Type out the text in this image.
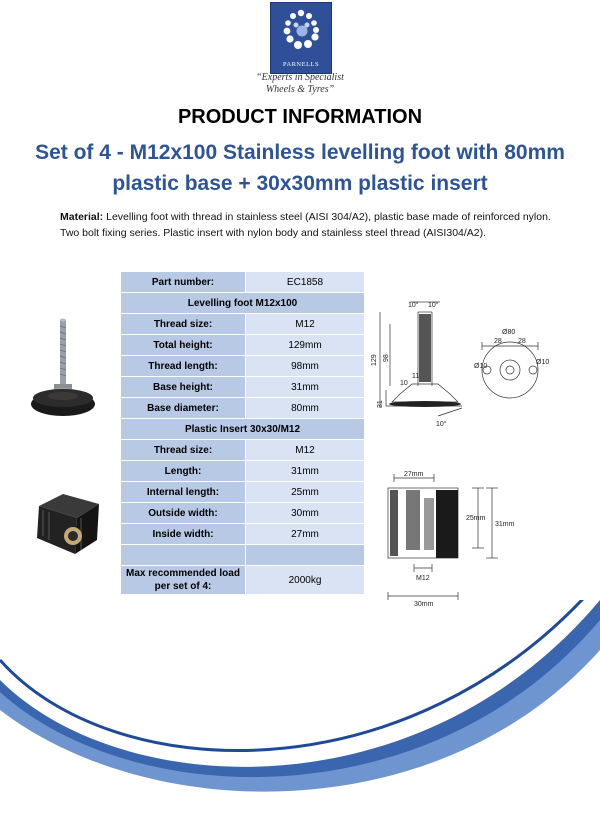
PARNELLS
“Experts in Specialist
Wheels & Tyres”
PRODUCT INFORMATION
Set of 4 - M12x100 Stainless levelling foot with 80mm plastic base + 30x30mm plastic insert
Material: Levelling foot with thread in stainless steel (AISI 304/A2), plastic base made of reinforced nylon. Two bolt fixing series. Plastic insert with nylon body and stainless steel thread (AISI304/A2).
Part number:	EC1858
Levelling foot M12x100	
Thread size:	M12
Total height:	129mm
Thread length:	98mm
Base height:	31mm
Base diameter:	80mm
Plastic Insert 30x30/M12	
Thread size:	M12
Length:	31mm
Internal length:	25mm
Outside width:	30mm
Inside width:	27mm

Max recommended load
per set of 4:	2000kg
10° 10°
129 98
31
10
11
10°
Ø80
28 28
Ø10
Ø10
27mm
25mm
31mm
M12
30mm
